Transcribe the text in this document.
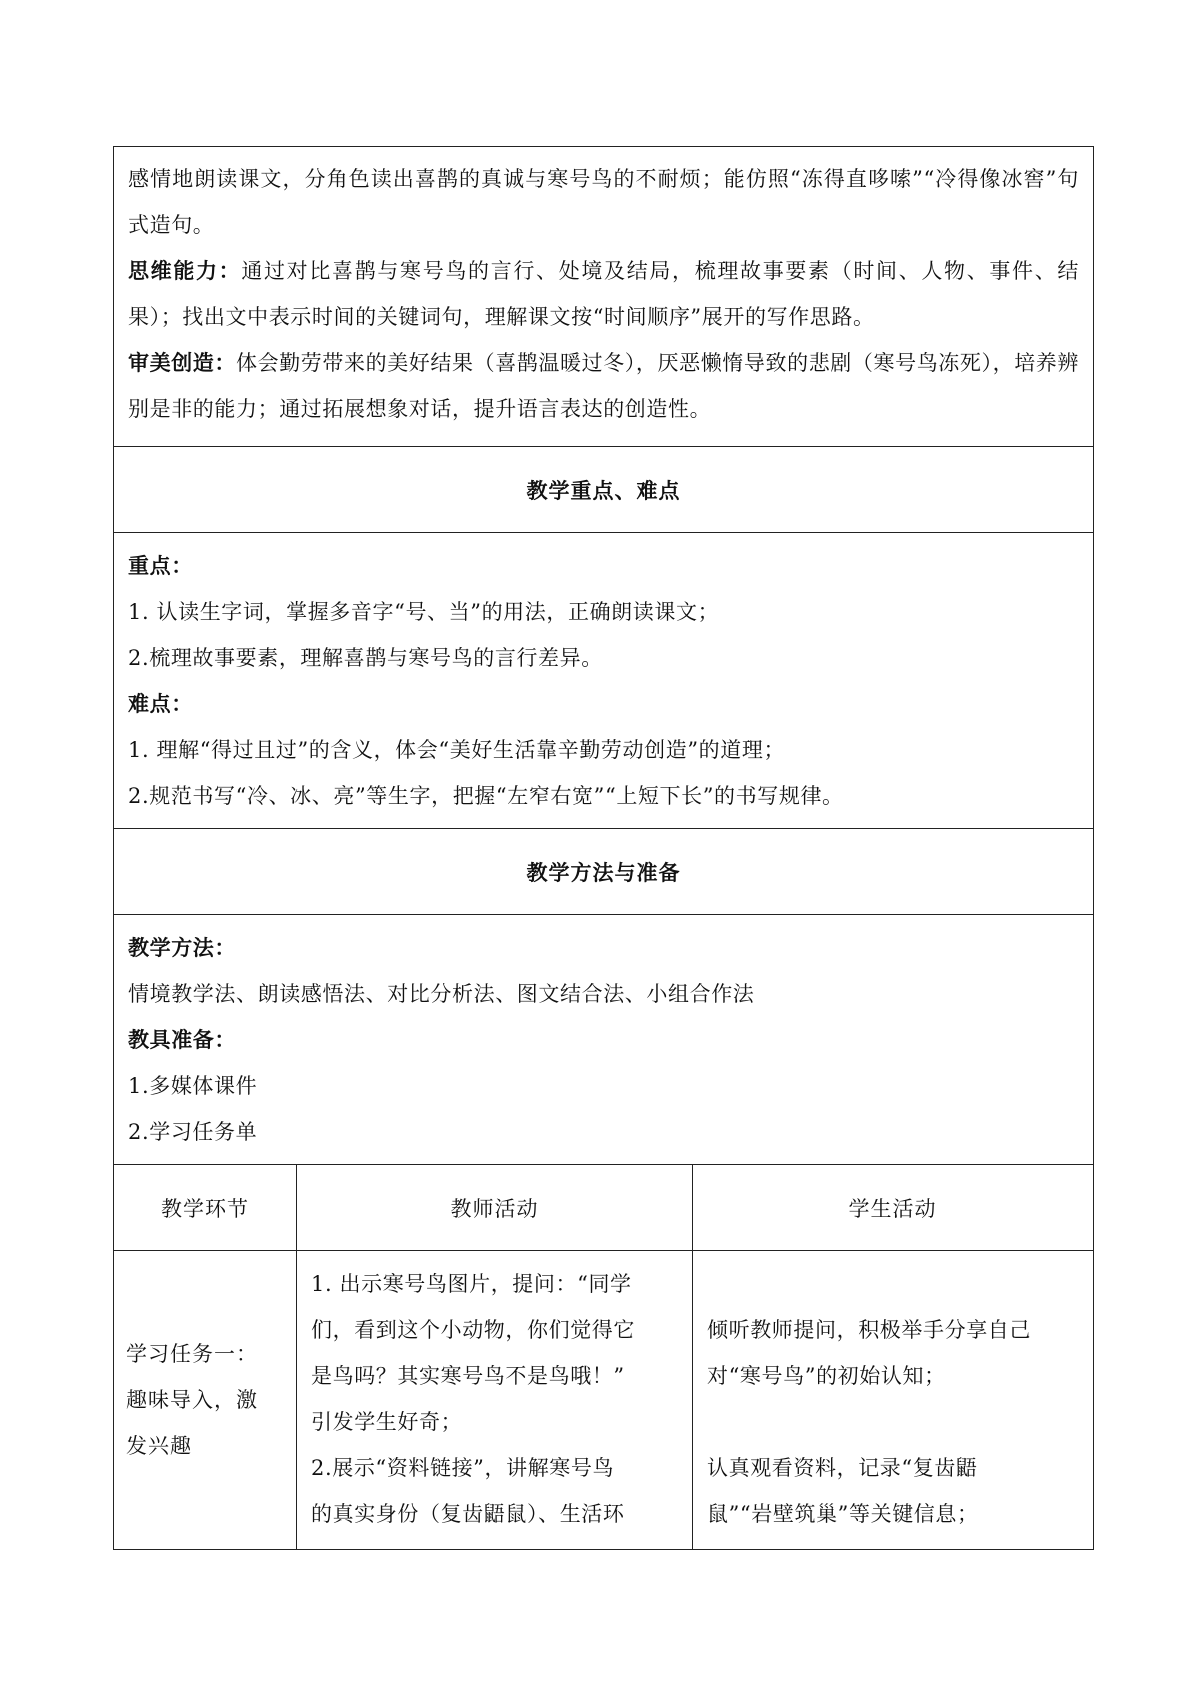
感情地朗读课文，分角色读出喜鹊的真诚与寒号鸟的不耐烦；能仿照“冻得直哆嗦”“冷得像冰窖”句式造句。

思维能力：通过对比喜鹊与寒号鸟的言行、处境及结局，梳理故事要素（时间、人物、事件、结果）；找出文中表示时间的关键词句，理解课文按“时间顺序”展开的写作思路。

审美创造：体会勤劳带来的美好结果（喜鹊温暖过冬），厌恶懒惰导致的悲剧（寒号鸟冻死），培养辨别是非的能力；通过拓展想象对话，提升语言表达的创造性。

教学重点、难点
重点：
1. 认读生字词，掌握多音字“号、当”的用法，正确朗读课文；
2.梳理故事要素，理解喜鹊与寒号鸟的言行差异。
难点：
1. 理解“得过且过”的含义，体会“美好生活靠辛勤劳动创造”的道理；
2.规范书写“冷、冰、亮”等生字，把握“左窄右宽”“上短下长”的书写规律。
教学方法与准备
教学方法：
情境教学法、朗读感悟法、对比分析法、图文结合法、小组合作法
教具准备：
1.多媒体课件
2.学习任务单
教学环节	教师活动	学生活动
学习任务一：
趣味导入，激
发兴趣
1. 出示寒号鸟图片，提问：“同学
们，看到这个小动物，你们觉得它
是鸟吗？其实寒号鸟不是鸟哦！”
引发学生好奇；
2.展示“资料链接”，讲解寒号鸟
的真实身份（复齿鼯鼠）、生活环
倾听教师提问，积极举手分享自己
对“寒号鸟”的初始认知；
认真观看资料，记录“复齿鼯
鼠”“岩壁筑巢”等关键信息；
